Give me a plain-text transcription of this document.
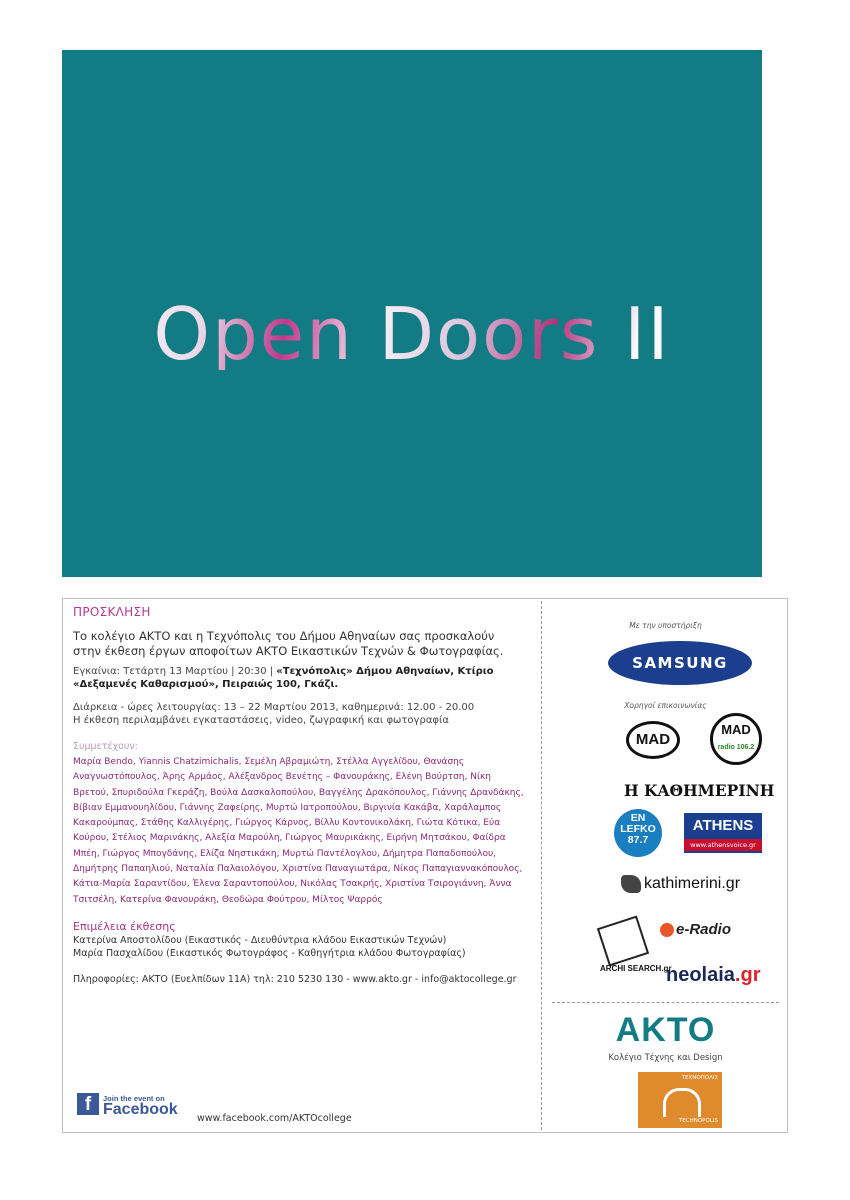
Open Doors II
ΠΡΟΣΚΛΗΣΗ

Το κολέγιο ΑΚΤΟ και η Τεχνόπολις του Δήμου Αθηναίων σας προσκαλούν
στην έκθεση έργων αποφοίτων ΑΚΤΟ Εικαστικών Τεχνών & Φωτογραφίας.

Εγκαίνια: Τετάρτη 13 Μαρτίου | 20:30 | «Τεχνόπολις» Δήμου Αθηναίων, Κτίριο
«Δεξαμενές Καθαρισμού», Πειραιώς 100, Γκάζι.

Διάρκεια - ώρες λειτουργίας: 13 – 22 Μαρτίου 2013, καθημερινά: 12.00 - 20.00
Η έκθεση περιλαμβάνει εγκαταστάσεις, video, ζωγραφική και φωτογραφία

Συμμετέχουν:

Μαρία Bendo, Yiannis Chatzimichalis, Σεμέλη Αβραμιώτη, Στέλλα Αγγελίδου, Θανάσης Αναγνωστόπουλος, Άρης Αρμάος, Αλέξανδρος Βενέτης – Φανουράκης, Ελένη Βούρτση, Νίκη Βρετού, Σπυριδούλα Γκεράζη, Βούλα Δασκαλοπούλου, Βαγγέλης Δρακόπουλος, Γιάννης Δρανδάκης, Βίβιαν Εμμανουηλίδου, Γιάννης Ζαφείρης, Μυρτώ Ιατροπούλου, Βιργινία Κακάβα, Χαράλαμπος Κακαρούμπας, Στάθης Καλλιγέρης, Γιώργος Κάρνος, Βίλλυ Κοντονικολάκη, Γιώτα Κότικα, Εύα Κούρου, Στέλιος Μαρινάκης, Αλεξία Μαρούλη, Γιώργος Μαυρικάκης, Ειρήνη Μητσάκου, Φαίδρα Μπέη, Γιώργος Μπογδάνης, Ελίζα Νηστικάκη, Μυρτώ Παντέλογλου, Δήμητρα Παπαδοπούλου, Δημήτρης Παπαηλιού, Ναταλία Παλαιολόγου, Χριστίνα Παναγιωτάρα, Νίκος Παπαγιαννακόπουλος, Κάτια-Μαρία Σαραντίδου, Έλενα Σαραντοπούλου, Νικόλας Τσακρής, Χριστίνα Τσιρογιάννη, Άννα Τσιτσέλη, Κατερίνα Φανουράκη, Θεοδώρα Φούτρου, Μίλτος Ψαρρός

Επιμέλεια έκθεσης

Κατερίνα Αποστολίδου (Εικαστικός - Διευθύντρια κλάδου Εικαστικών Τεχνών)

Μαρία Πασχαλίδου (Εικαστικός Φωτογράφος - Καθηγήτρια κλάδου Φωτογραφίας)

Πληροφορίες: ΑΚΤΟ (Ευελπίδων 11Α) τηλ: 210 5230 130 - www.akto.gr - info@aktocollege.gr

f	Join the event on
Facebook
www.facebook.com/AKTOcollege
Με την υποστήριξη
SAMSUNG
Χορηγοί επικοινωνίας
MAD
MAD
radio 106.2
Η ΚΑΘΗΜΕΡΙΝΗ
EN LEFKO 87.7
ATHENS
www.athensvoice.gr
kathimerini.gr
ARCHI SEARCH.gr
e-Radio
neolaia.gr
ΑΚΤΟ
Κολέγιο Τέχνης και Design
ΤΕΧΝΟΠΟΛΙΣ
TECHNOPOLIS
